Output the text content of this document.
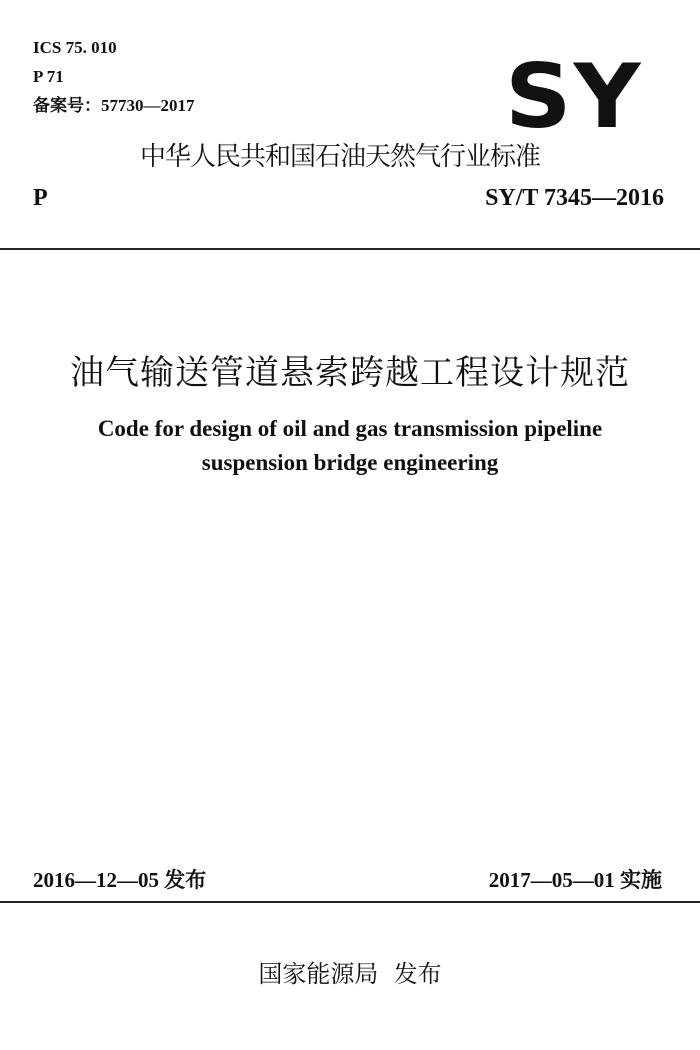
ICS 75. 010
P 71
备案号：57730—2017	SY
中华人民共和国石油天然气行业标准
P	SY/T 7345—2016
油气输送管道悬索跨越工程设计规范
Code for design of oil and gas transmission pipeline
suspension bridge engineering
2016—12—05 发布	2017—05—01 实施
国家能源局  发布
